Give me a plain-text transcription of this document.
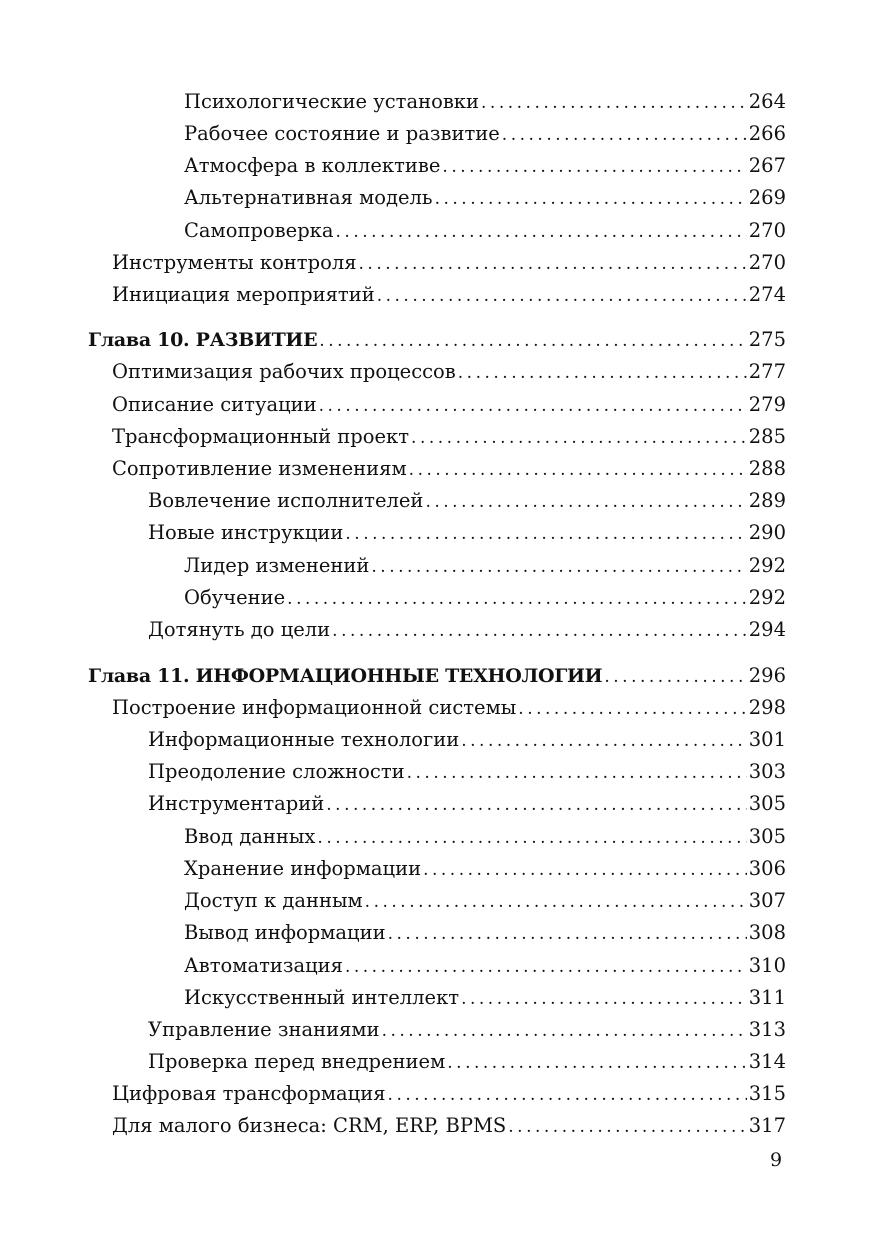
Психологические установки . . .	264
Рабочее состояние и развитие . . .	266
Атмосфера в коллективе . . .	267
Альтернативная модель . . .	269
Самопроверка . . .	270
Инструменты контроля . . .	270
Инициация мероприятий . . .	274
Глава 10. РАЗВИТИЕ . . .	275
Оптимизация рабочих процессов . . .	277
Описание ситуации . . .	279
Трансформационный проект . . .	285
Сопротивление изменениям . . .	288
Вовлечение исполнителей . . .	289
Новые инструкции . . .	290
Лидер изменений . . .	292
Обучение . . .	292
Дотянуть до цели . . .	294
Глава 11. ИНФОРМАЦИОННЫЕ ТЕХНОЛОГИИ . . .	296
Построение информационной системы . . .	298
Информационные технологии . . .	301
Преодоление сложности . . .	303
Инструментарий . . .	305
Ввод данных . . .	305
Хранение информации . . .	306
Доступ к данным . . .	307
Вывод информации . . .	308
Автоматизация . . .	310
Искусственный интеллект . . .	311
Управление знаниями . . .	313
Проверка перед внедрением . . .	314
Цифровая трансформация . . .	315
Для малого бизнеса: CRM, ERP, BPMS . . .	317
9
